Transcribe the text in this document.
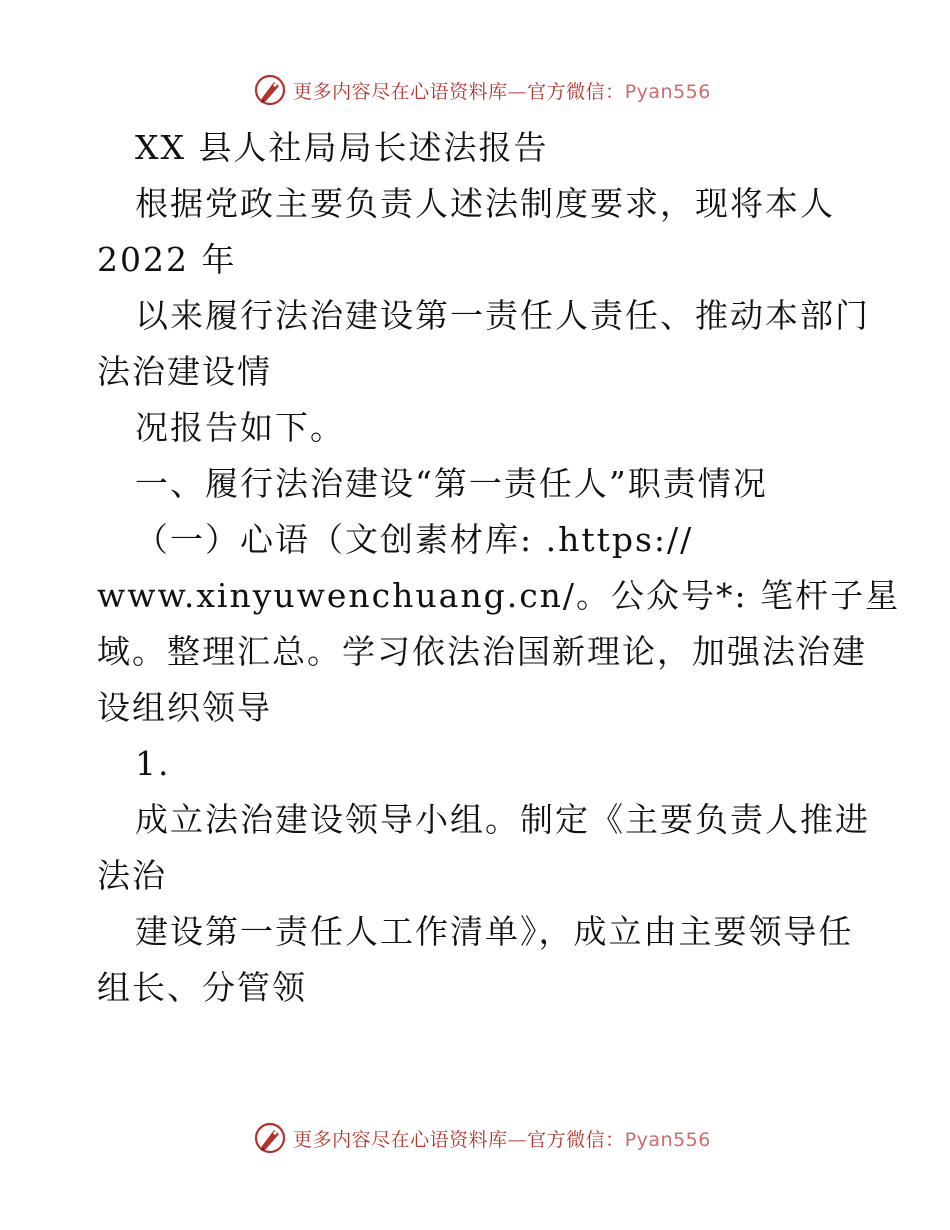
更多内容尽在心语资料库—官方微信：Pyan556
XX 县人社局局长述法报告
根据党政主要负责人述法制度要求，现将本人
2022 年
以来履行法治建设第一责任人责任、推动本部门
法治建设情
况报告如下。
一、履行法治建设“第一责任人”职责情况
（一）心语（文创素材库: .https://
www.xinyuwenchuang.cn/。公众号*: 笔杆子星
域。整理汇总。学习依法治国新理论，加强法治建
设组织领导
1.
成立法治建设领导小组。制定《主要负责人推进
法治
建设第一责任人工作清单》，成立由主要领导任
组长、分管领
更多内容尽在心语资料库—官方微信：Pyan556
